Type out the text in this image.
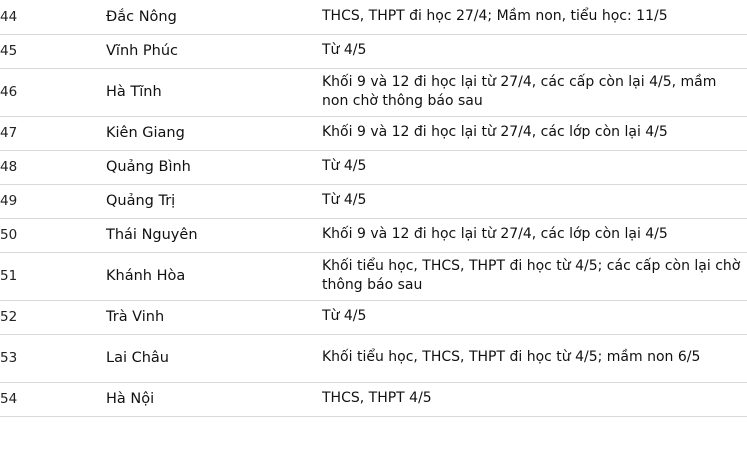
44	Đắc Nông	THCS, THPT đi học 27/4; Mầm non, tiểu học: 11/5
45	Vĩnh Phúc	Từ 4/5
46	Hà Tĩnh	Khối 9 và 12 đi học lại từ 27/4, các cấp còn lại 4/5, mầm non chờ thông báo sau
47	Kiên Giang	Khối 9 và 12 đi học lại từ 27/4, các lớp còn lại 4/5
48	Quảng Bình	Từ 4/5
49	Quảng Trị	Từ 4/5
50	Thái Nguyên	Khối 9 và 12 đi học lại từ 27/4, các lớp còn lại 4/5
51	Khánh Hòa	Khối tiểu học, THCS, THPT đi học từ 4/5; các cấp còn lại chờ thông báo sau
52	Trà Vinh	Từ 4/5
53	Lai Châu	Khối tiểu học, THCS, THPT đi học từ 4/5; mầm non 6/5
54	Hà Nội	THCS, THPT 4/5
